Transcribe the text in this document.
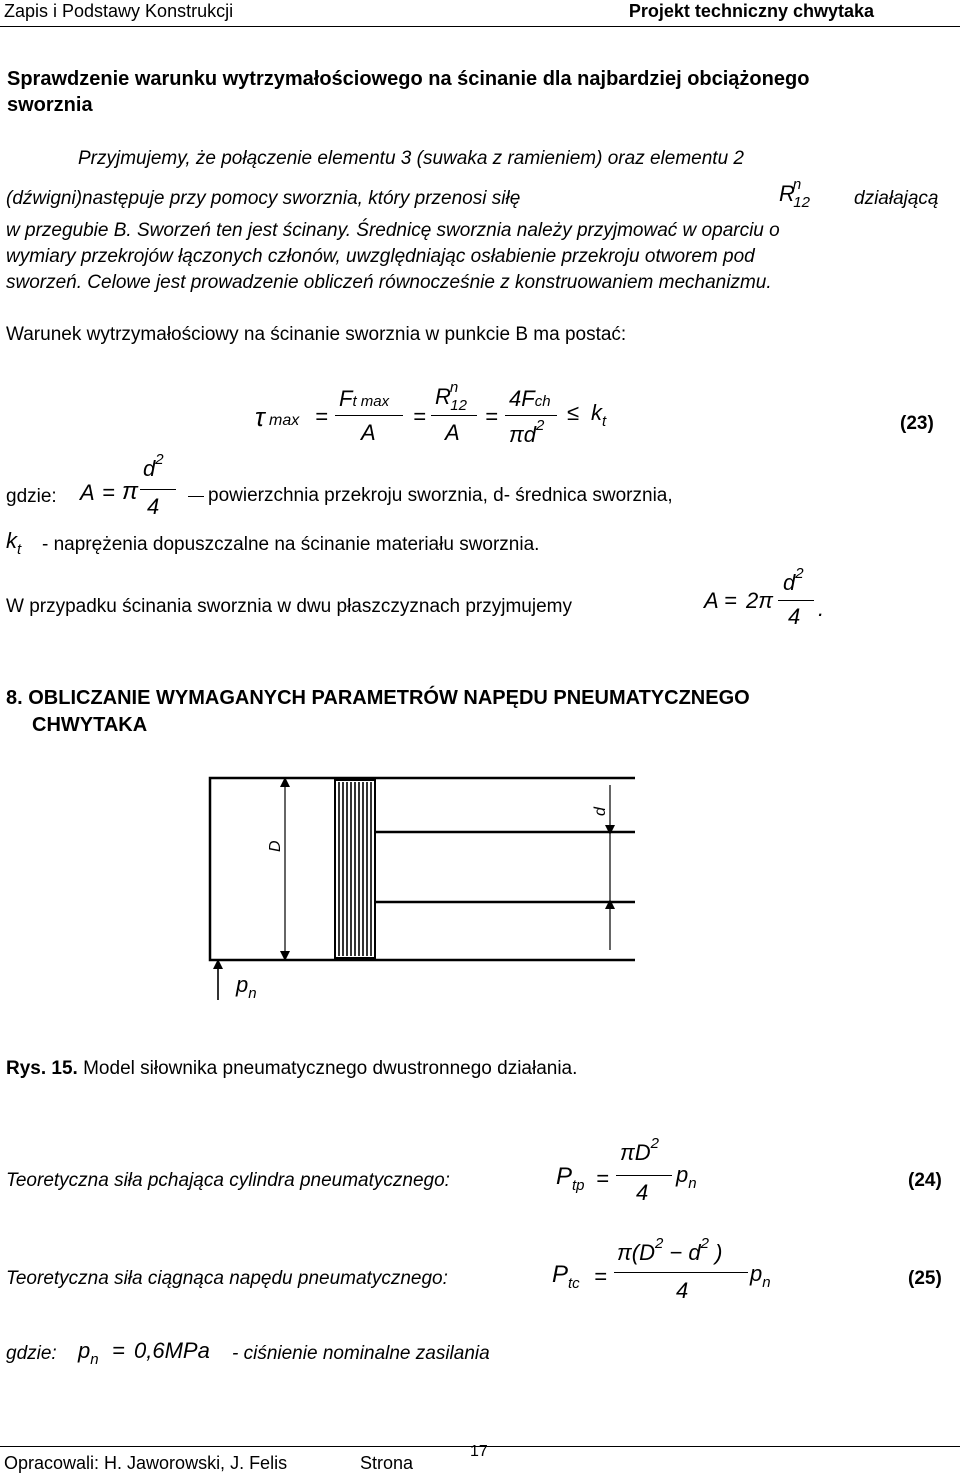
Zapis i Podstawy Konstrukcji	Projekt techniczny chwytaka
Sprawdzenie warunku wytrzymałościowego na ścinanie dla najbardziej obciążonego
sworznia
Przyjmujemy, że połączenie elementu 3 (suwaka z ramieniem) oraz elementu 2
(dźwigni)następuje przy pomocy sworznia, który przenosi siłę	$R^n_{12}$	działającą
w przegubie B. Sworzeń ten jest ścinany. Średnicę sworznia należy przyjmować w oparciu o
wymiary przekrojów łączonych członów, uwzględniając osłabienie przekroju otworem pod
sworzeń. Celowe jest prowadzenie obliczeń równocześnie z konstruowaniem mechanizmu.
Warunek wytrzymałościowy na ścinanie sworznia w punkcie B ma postać:
τ max =
Ft max
A
=
$R^n_{12}$
A
=
4Fch
$\pi d^2$
≤ $k_t$	(23)
gdzie: A = π
$d^2$
4	powierzchnia przekroju sworznia, d- średnica sworznia,
$k_t$ - naprężenia dopuszczalne na ścinanie materiału sworznia.
W przypadku ścinania sworznia w dwu płaszczyznach przyjmujemy	A = 2π
$d^2$
4 .
8. OBLICZANIE WYMAGANYCH PARAMETRÓW NAPĘDU PNEUMATYCZNEGO
CHWYTAKA
D
d
$p_n$
Rys. 15. Model siłownika pneumatycznego dwustronnego działania.
Teoretyczna siła pchająca cylindra pneumatycznego:	$P_{tp}$ =
$\pi D^2$
4
$p_n$	(24)
Teoretyczna siła ciągnąca napędu pneumatycznego:	$P_{tc}$ =
$\pi(D^2 - d^2$ )
4
$p_n$	(25)
gdzie: $p_n = 0,6MPa$ - ciśnienie nominalne zasilania
Opracowali: H. Jaworowski, J. Felis	Strona
17
